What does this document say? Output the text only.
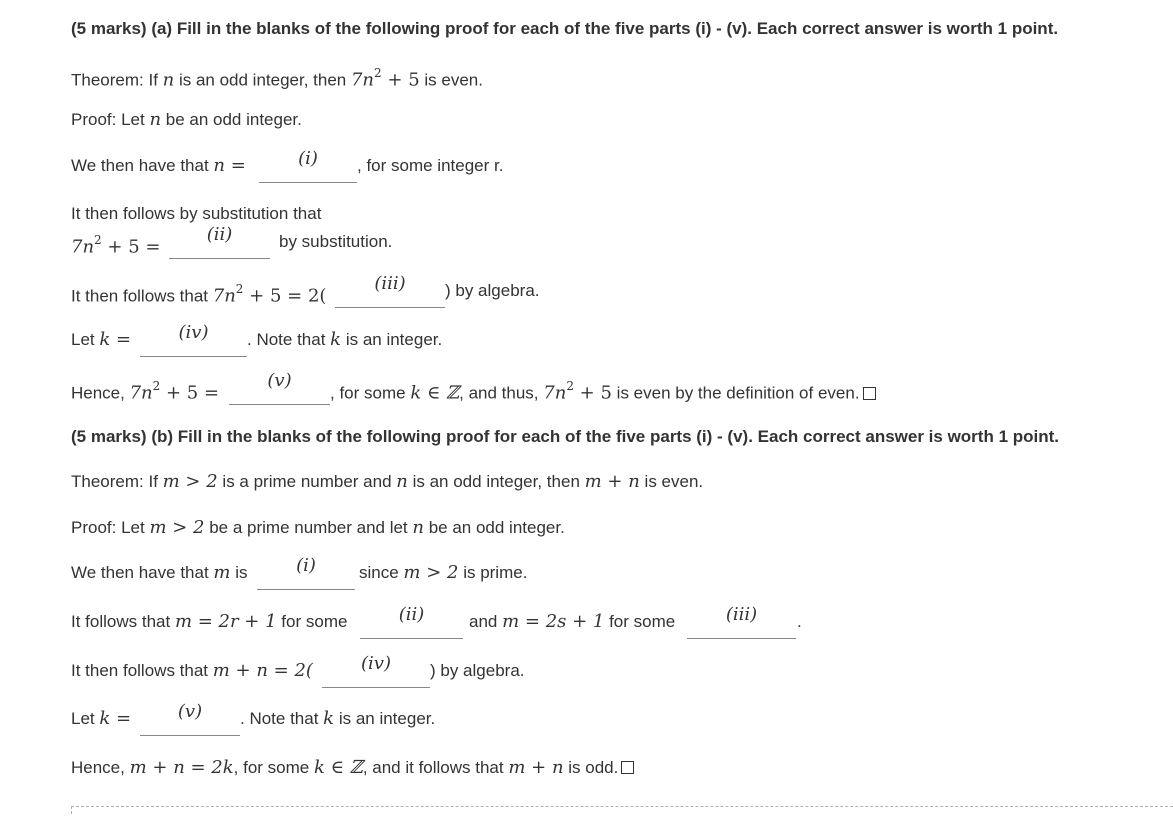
(5 marks) (a) Fill in the blanks of the following proof for each of the five parts (i) - (v). Each correct answer is worth 1 point.
Theorem: If n is an odd integer, then $7n^2 + 5$ is even.
Proof: Let n be an odd integer.
We then have that n =	(i)	, for some integer r.
It then follows by substitution that
$7n^2 + 5$ =
(ii)	by substitution.
It then follows that $7n^2 + 5 = 2$(
(iii)	) by algebra.
Let k =	(iv)	. Note that k is an integer.
Hence, $7n^2 + 5$ =
(v)
, for some k ∈ ℤ, and thus, $7n^2 + 5$ is even by the definition of even.
(5 marks) (b) Fill in the blanks of the following proof for each of the five parts (i) - (v). Each correct answer is worth 1 point.
Theorem: If m > 2 is a prime number and n is an odd integer, then m + n is even.
Proof: Let m > 2 be a prime number and let n be an odd integer.
We then have that m is	(i)	since m > 2 is prime.
It follows that m = 2r + 1 for some	(ii)	and m = 2s + 1 for some	(iii)	.
It then follows that m + n = 2(	(iv)	) by algebra.
Let k =	(v)	. Note that k is an integer.
Hence, m + n = 2k, for some k ∈ ℤ, and it follows that m + n is odd.
